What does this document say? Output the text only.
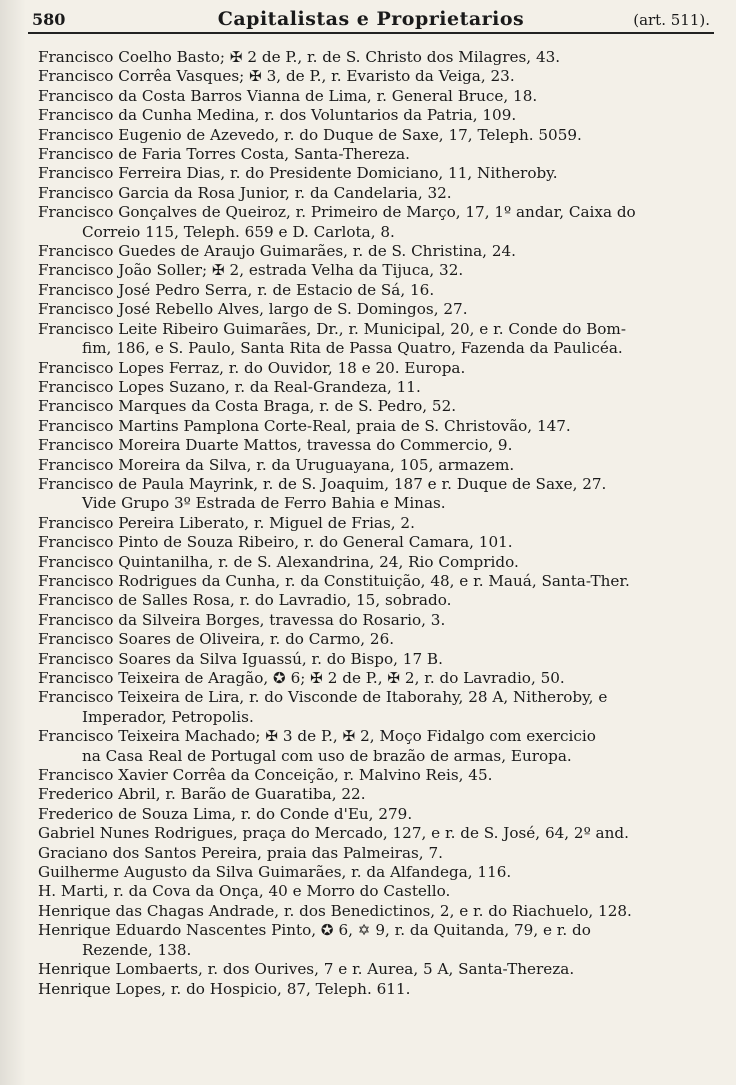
580	Capitalistas e Proprietarios	(art. 511).
Francisco Coelho Basto; ✠ 2 de P., r. de S. Christo dos Milagres, 43.
Francisco Corrêa Vasques; ✠ 3, de P., r. Evaristo da Veiga, 23.
Francisco da Costa Barros Vianna de Lima, r. General Bruce, 18.
Francisco da Cunha Medina, r. dos Voluntarios da Patria, 109.
Francisco Eugenio de Azevedo, r. do Duque de Saxe, 17, Teleph. 5059.
Francisco de Faria Torres Costa, Santa-Thereza.
Francisco Ferreira Dias, r. do Presidente Domiciano, 11, Nitheroby.
Francisco Garcia da Rosa Junior, r. da Candelaria, 32.
Francisco Gonçalves de Queiroz, r. Primeiro de Março, 17, 1º andar, Caixa do
Correio 115, Teleph. 659 e D. Carlota, 8.
Francisco Guedes de Araujo Guimarães, r. de S. Christina, 24.
Francisco João Soller; ✠ 2, estrada Velha da Tijuca, 32.
Francisco José Pedro Serra, r. de Estacio de Sá, 16.
Francisco José Rebello Alves, largo de S. Domingos, 27.
Francisco Leite Ribeiro Guimarães, Dr., r. Municipal, 20, e r. Conde do Bom-
fim, 186, e S. Paulo, Santa Rita de Passa Quatro, Fazenda da Paulicéa.
Francisco Lopes Ferraz, r. do Ouvidor, 18 e 20. Europa.
Francisco Lopes Suzano, r. da Real-Grandeza, 11.
Francisco Marques da Costa Braga, r. de S. Pedro, 52.
Francisco Martins Pamplona Corte-Real, praia de S. Christovão, 147.
Francisco Moreira Duarte Mattos, travessa do Commercio, 9.
Francisco Moreira da Silva, r. da Uruguayana, 105, armazem.
Francisco de Paula Mayrink, r. de S. Joaquim, 187 e r. Duque de Saxe, 27.
Vide Grupo 3º Estrada de Ferro Bahia e Minas.
Francisco Pereira Liberato, r. Miguel de Frias, 2.
Francisco Pinto de Souza Ribeiro, r. do General Camara, 101.
Francisco Quintanilha, r. de S. Alexandrina, 24, Rio Comprido.
Francisco Rodrigues da Cunha, r. da Constituição, 48, e r. Mauá, Santa-Ther.
Francisco de Salles Rosa, r. do Lavradio, 15, sobrado.
Francisco da Silveira Borges, travessa do Rosario, 3.
Francisco Soares de Oliveira, r. do Carmo, 26.
Francisco Soares da Silva Iguassú, r. do Bispo, 17 B.
Francisco Teixeira de Aragão, ✪ 6; ✠ 2 de P., ✠ 2, r. do Lavradio, 50.
Francisco Teixeira de Lira, r. do Visconde de Itaborahy, 28 A, Nitheroby, e
Imperador, Petropolis.
Francisco Teixeira Machado; ✠ 3 de P., ✠ 2, Moço Fidalgo com exercicio
na Casa Real de Portugal com uso de brazão de armas, Europa.
Francisco Xavier Corrêa da Conceição, r. Malvino Reis, 45.
Frederico Abril, r. Barão de Guaratiba, 22.
Frederico de Souza Lima, r. do Conde d'Eu, 279.
Gabriel Nunes Rodrigues, praça do Mercado, 127, e r. de S. José, 64, 2º and.
Graciano dos Santos Pereira, praia das Palmeiras, 7.
Guilherme Augusto da Silva Guimarães, r. da Alfandega, 116.
H. Marti, r. da Cova da Onça, 40 e Morro do Castello.
Henrique das Chagas Andrade, r. dos Benedictinos, 2, e r. do Riachuelo, 128.
Henrique Eduardo Nascentes Pinto, ✪ 6, ✡ 9, r. da Quitanda, 79, e r. do
Rezende, 138.
Henrique Lombaerts, r. dos Ourives, 7 e r. Aurea, 5 A, Santa-Thereza.
Henrique Lopes, r. do Hospicio, 87, Teleph. 611.
